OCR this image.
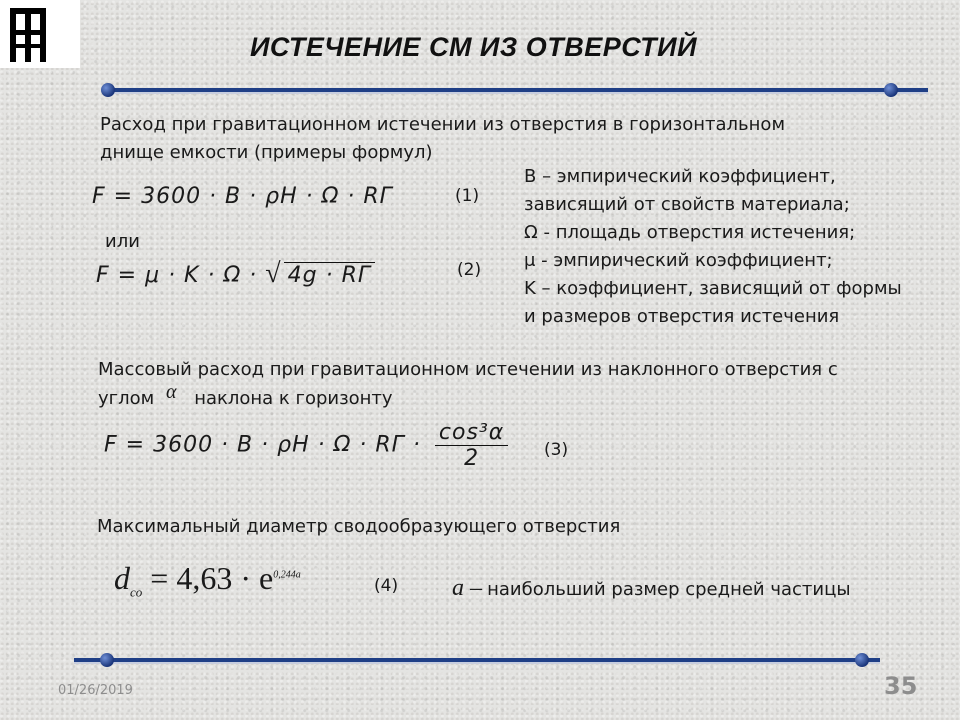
ИСТЕЧЕНИЕ СМ ИЗ ОТВЕРСТИЙ
Расход при гравитационном истечении из отверстия в горизонтальном днище емкости (примеры формул)
F = 3600 · B · ρH · Ω · RГ	(1)
или
F = μ · K · Ω · √ 4g · RГ	(2)
B – эмпирический коэффициент,
зависящий от свойств материала;
Ω - площадь отверстия истечения;
μ - эмпирический коэффициент;
K – коэффициент, зависящий от формы
и размеров отверстия истечения
Массовый расход при гравитационном истечении из наклонного отверстия с
углом α наклона к горизонту
F = 3600 · B · ρH · Ω · RГ · $\frac{\text{cos³α}}{2} (3)$
Максимальный диаметр сводообразующего отверстия
$d_{co} = 4,63 \cdot e^{0,244a}$
(4) a – наибольший размер средней частицы
01/26/2019	35
